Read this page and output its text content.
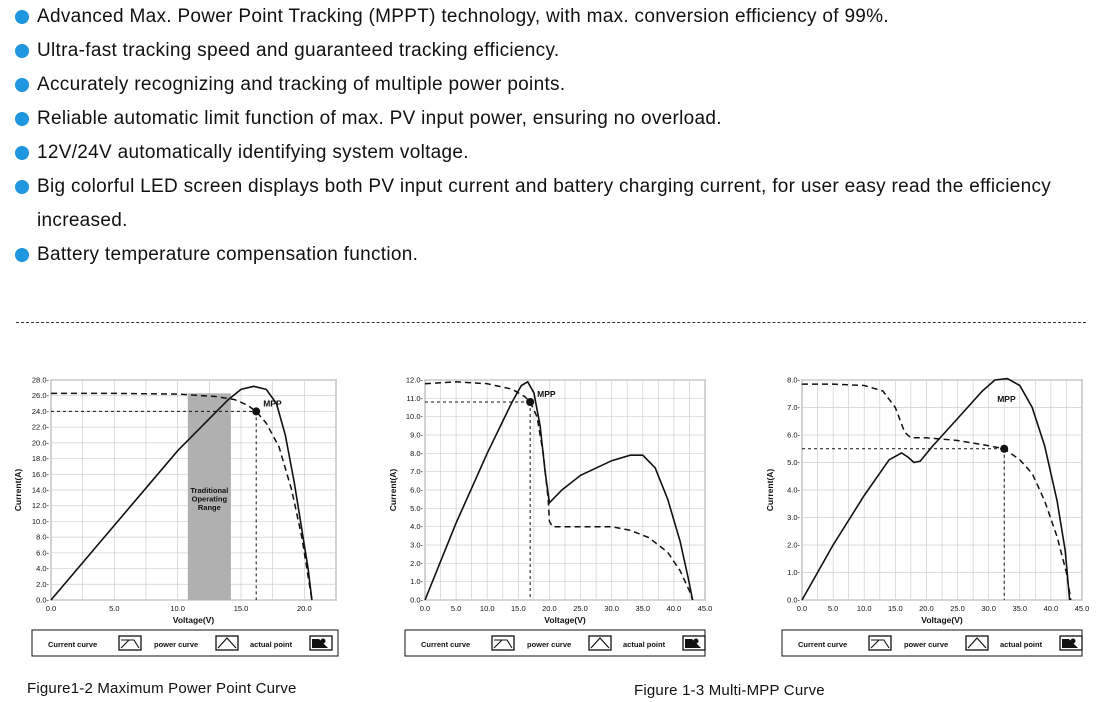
Advanced Max. Power Point Tracking (MPPT) technology, with max. conversion efficiency of 99%.
Ultra-fast tracking speed and guaranteed tracking efficiency.
Accurately recognizing and tracking of multiple power points.
Reliable automatic limit function of max. PV input power, ensuring no overload.
12V/24V automatically identifying system voltage.
Big colorful LED screen displays both PV input current and battery charging current, for user easy read the efficiency increased.
Battery temperature compensation function.
Traditional
Operating
Range
0.0	5.0	10.0	15.0	20.0
0.0-
2.0-
4.0-
6.0-
8.0-
10.0-
12.0-
14.0-
16.0-
18.0-
20.0-
22.0-
24.0-
26.0-
28.0-
Voltage(V)
Current(A)
MPP
Current curve	power curve	actual point
0.0	5.0 10.0 15.0 20.0 25.0 30.0 35.0 40.0 45.0
0.0-
1.0-
2.0-
3.0-
4.0-
5.0-
6.0-
7.0-
8.0-
9.0-
10.0-
11.0-
12.0-
Voltage(V)
Current(A)
MPP
Current curve	power curve	actual point
0.0	5.0 10.0 15.0 20.0 25.0 30.0 35.0 40.0 45.0
0.0-
1.0-
2.0-
3.0-
4.0-
5.0-
6.0-
7.0-
8.0-
Voltage(V)
Current(A)
MPP
Current curve	power curve	actual point
Figure1-2 Maximum Power Point Curve	Figure 1-3 Multi-MPP Curve
